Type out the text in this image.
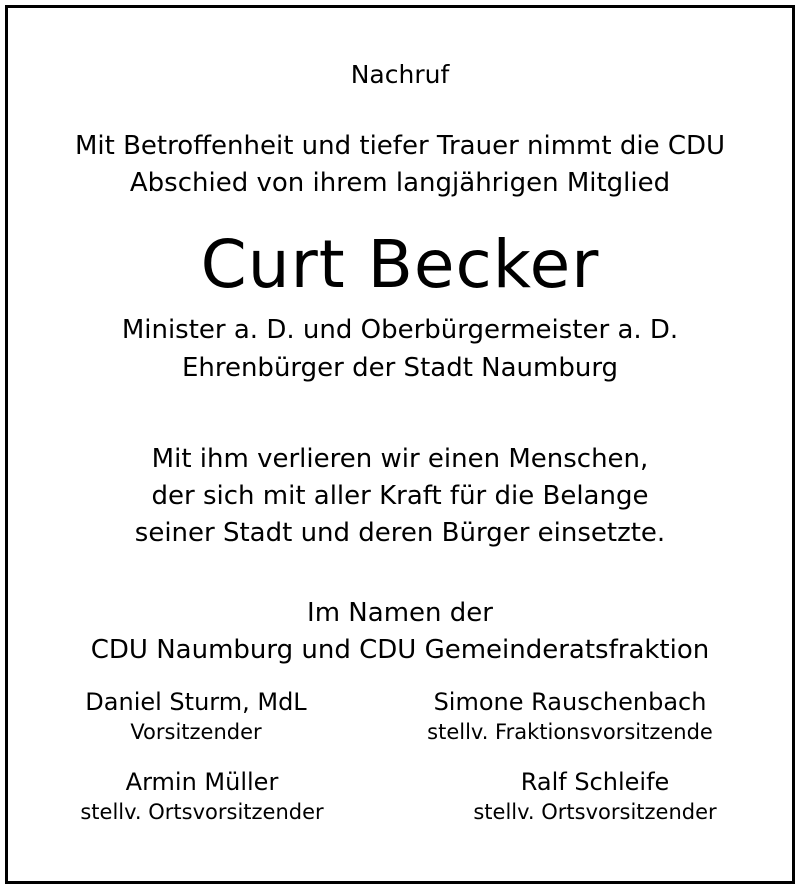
Nachruf
Mit Betroffenheit und tiefer Trauer nimmt die CDU
Abschied von ihrem langjährigen Mitglied
Curt Becker
Minister a. D. und Oberbürgermeister a. D.
Ehrenbürger der Stadt Naumburg
Mit ihm verlieren wir einen Menschen,
der sich mit aller Kraft für die Belange
seiner Stadt und deren Bürger einsetzte.
Im Namen der
CDU Naumburg und CDU Gemeinderatsfraktion
Daniel Sturm, MdL
Vorsitzender
Simone Rauschenbach
stellv. Fraktionsvorsitzende
Armin Müller
stellv. Ortsvorsitzender
Ralf Schleife
stellv. Ortsvorsitzender
